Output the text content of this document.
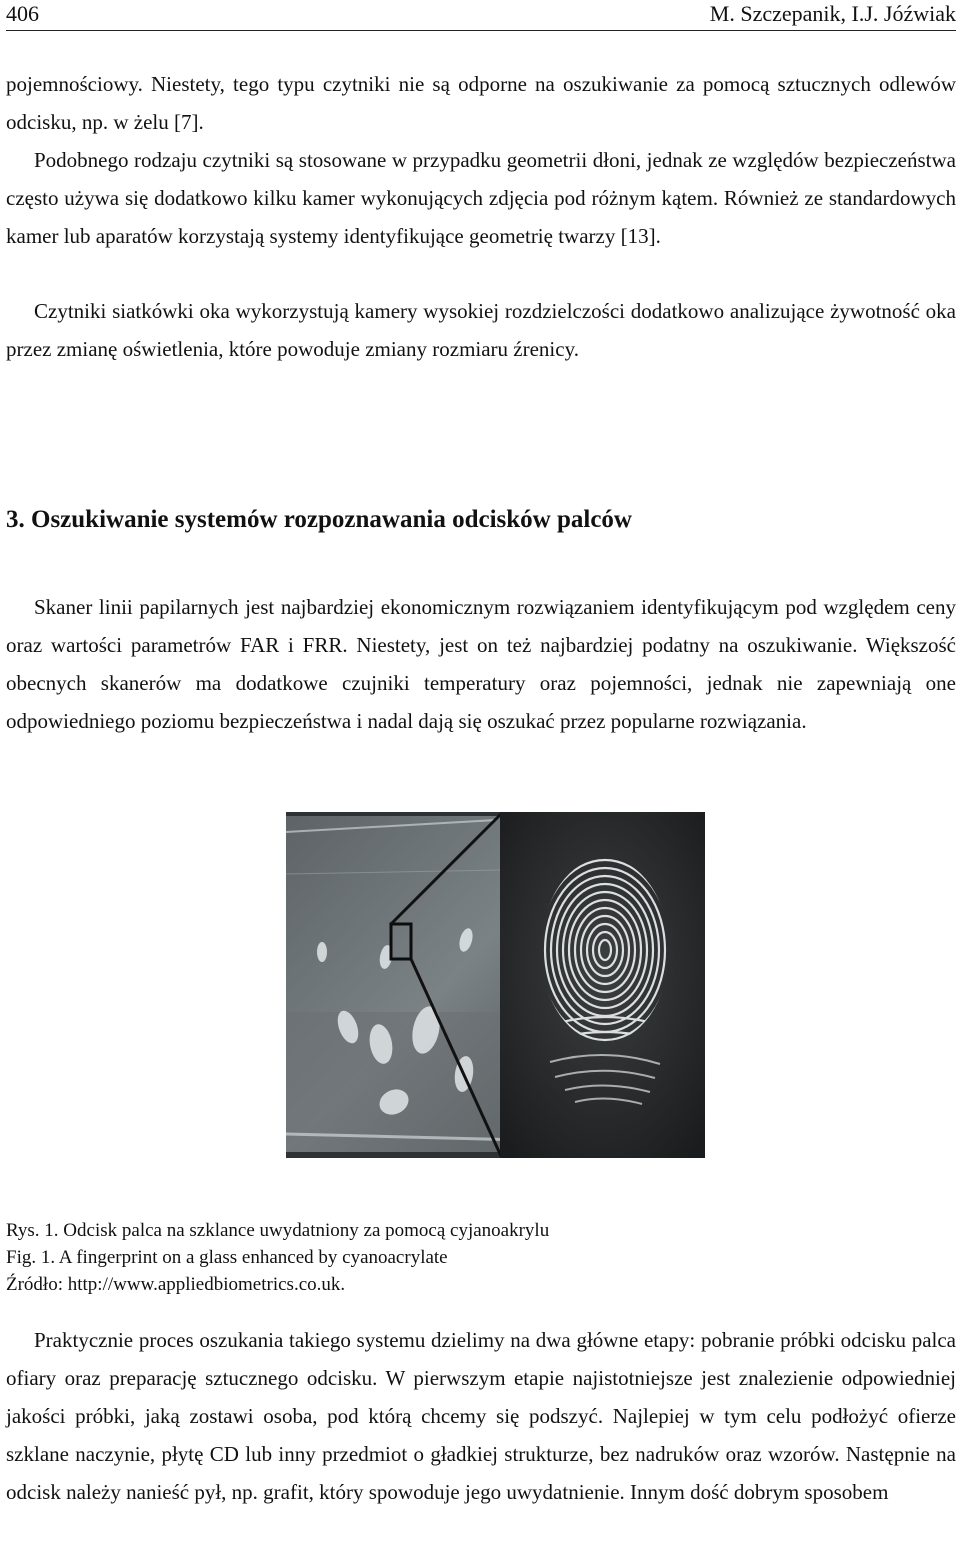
406	M. Szczepanik, I.J. Jóźwiak
pojemnościowy. Niestety, tego typu czytniki nie są odporne na oszukiwanie za pomocą sztucznych odlewów odcisku, np. w żelu [7].
Podobnego rodzaju czytniki są stosowane w przypadku geometrii dłoni, jednak ze względów bezpieczeństwa często używa się dodatkowo kilku kamer wykonujących zdjęcia pod różnym kątem. Również ze standardowych kamer lub aparatów korzystają systemy identyfikujące geometrię twarzy [13].
Czytniki siatkówki oka wykorzystują kamery wysokiej rozdzielczości dodatkowo analizujące żywotność oka przez zmianę oświetlenia, które powoduje zmiany rozmiaru źrenicy.
3. Oszukiwanie systemów rozpoznawania odcisków palców
Skaner linii papilarnych jest najbardziej ekonomicznym rozwiązaniem identyfikującym pod względem ceny oraz wartości parametrów FAR i FRR. Niestety, jest on też najbardziej podatny na oszukiwanie. Większość obecnych skanerów ma dodatkowe czujniki temperatury oraz pojemności, jednak nie zapewniają one odpowiedniego poziomu bezpieczeństwa i nadal dają się oszukać przez popularne rozwiązania.
Rys. 1. Odcisk palca na szklance uwydatniony za pomocą cyjanoakrylu
Fig. 1. A fingerprint on a glass enhanced by cyanoacrylate
Źródło: http://www.appliedbiometrics.co.uk.
Praktycznie proces oszukania takiego systemu dzielimy na dwa główne etapy: pobranie próbki odcisku palca ofiary oraz preparację sztucznego odcisku. W pierwszym etapie najistotniejsze jest znalezienie odpowiedniej jakości próbki, jaką zostawi osoba, pod którą chcemy się podszyć. Najlepiej w tym celu podłożyć ofierze szklane naczynie, płytę CD lub inny przedmiot o gładkiej strukturze, bez nadruków oraz wzorów. Następnie na odcisk należy nanieść pył, np. grafit, który spowoduje jego uwydatnienie. Innym dość dobrym sposobem
